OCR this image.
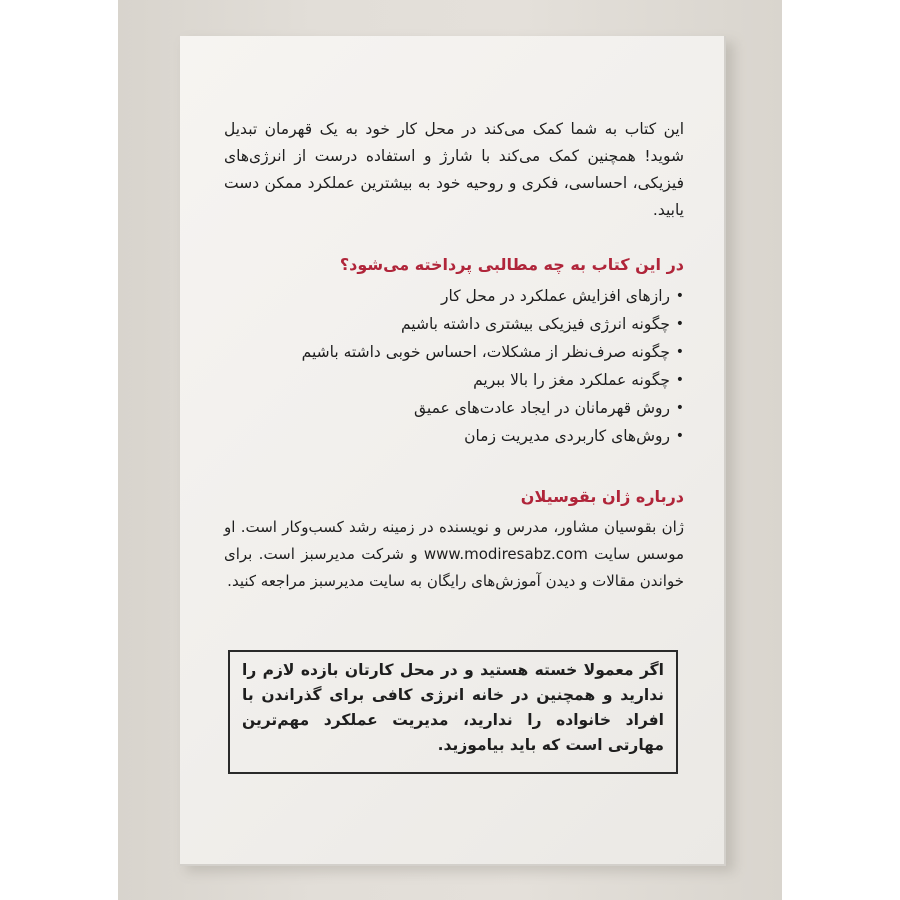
این کتاب به شما کمک می‌کند در محل کار خود به یک قهرمان تبدیل شوید! همچنین کمک می‌کند با شارژ و استفاده درست از انرژی‌های فیزیکی، احساسی، فکری و روحیه خود به بیشترین عملکرد ممکن دست یابید.

در این کتاب به چه مطالبی پرداخته می‌شود؟
•
رازهای افزایش عملکرد در محل کار
•
چگونه انرژی فیزیکی بیشتری داشته باشیم
•
چگونه صرف‌نظر از مشکلات، احساس خوبی داشته باشیم
•
چگونه عملکرد مغز را بالا ببریم
•
روش قهرمانان در ایجاد عادت‌های عمیق
•
روش‌های کاربردی مدیریت زمان
درباره ژان بقوسیلان

ژان بقوسیان مشاور، مدرس و نویسنده در زمینه رشد کسب‌وکار است. او موسس سایت www.modiresabz.com و شرکت مدیرسبز است. برای خواندن مقالات و دیدن آموزش‌های رایگان به سایت مدیرسبز مراجعه کنید.

اگر معمولا خسته هستید و در محل کارتان بازده لازم را ندارید و همچنین در خانه انرژی کافی برای گذراندن با افراد خانواده را ندارید، مدیریت عملکرد مهم‌ترین مهارتی است که باید بیاموزید.
